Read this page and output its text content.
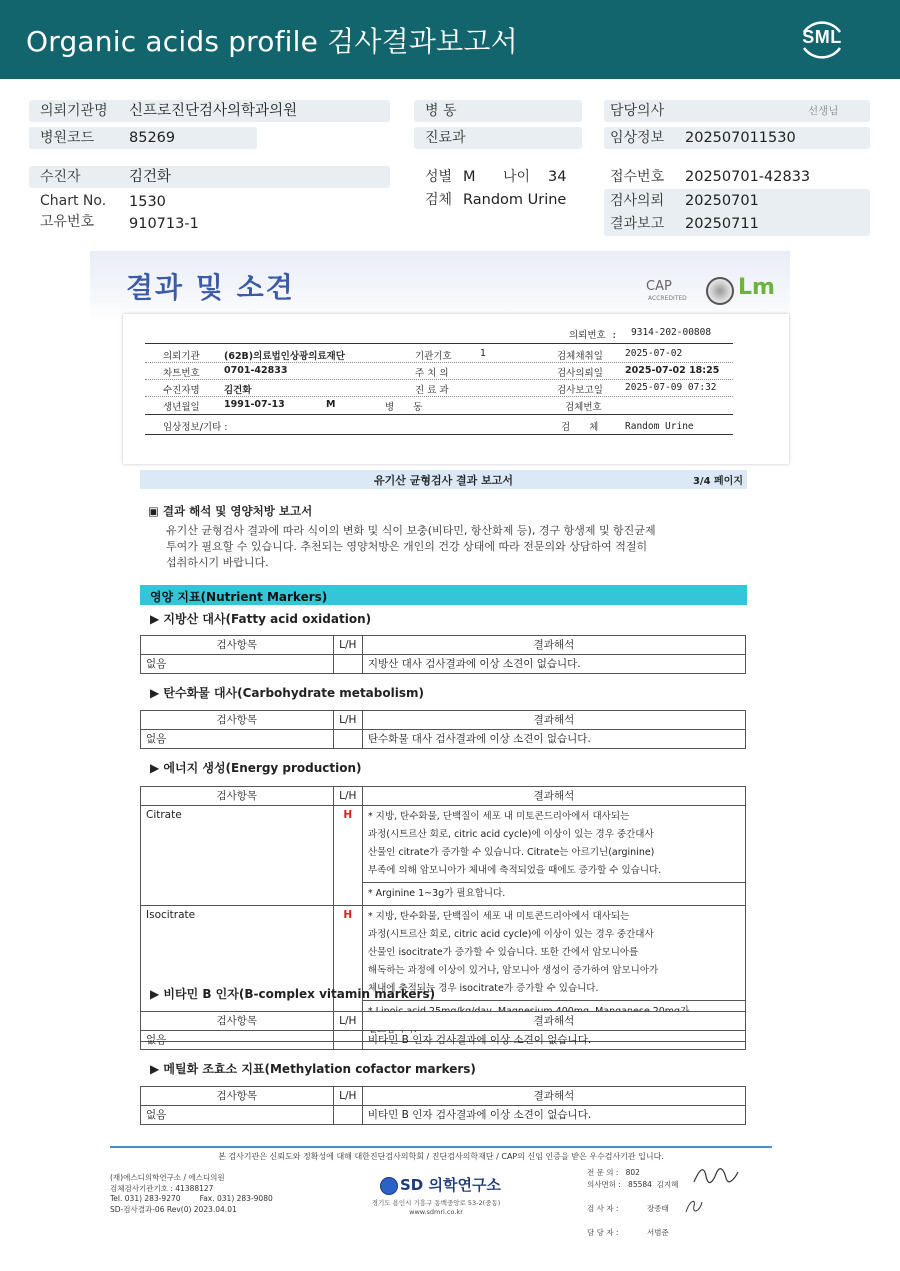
Organic acids profile 검사결과보고서	SML
의뢰기관명 신프로진단검사의학과의원
병원코드 85269
수진자	김건화
Chart No. 1530
고유번호 910713-1
병 동
진료과
성별 M 나이 34
검체 Random Urine
담당의사	선생님
임상정보 202507011530
접수번호 20250701-42833
검사의뢰 20250701
결과보고 20250711
결과 및 소견	CAP
ACCREDITED Lm
의뢰번호 : 9314-202-00808
의뢰기관	(62B)의료법인상광의료재단	기관기호	1	검체채취일 2025-07-02
차트번호	0701-42833	주 치 의	검사의뢰일 2025-07-02 18:25
수진자명	김건화	진 료 과	검사보고일 2025-07-09 07:32
생년월일	1991-07-13	M	병　　동	검체번호
임상정보/기타 :	검　　체	Random Urine
유기산 균형검사 결과 보고서	3/4 페이지
▣ 결과 해석 및 영양처방 보고서
유기산 균형검사 결과에 따라 식이의 변화 및 식이 보충(비타민, 항산화제 등), 경구 항생제 및 항진균제
투여가 필요할 수 있습니다. 추천되는 영양처방은 개인의 건강 상태에 따라 전문의와 상담하여 적절히
섭취하시기 바랍니다.
영양 지표(Nutrient Markers)
▶ 지방산 대사(Fatty acid oxidation)
검사항목	L/H	결과해석
없음		지방산 대사 검사결과에 이상 소견이 없습니다.
▶ 탄수화물 대사(Carbohydrate metabolism)
검사항목	L/H	결과해석
없음		탄수화물 대사 검사결과에 이상 소견이 없습니다.
▶ 에너지 생성(Energy production)
검사항목	L/H	결과해석
Citrate	H	* 지방, 탄수화물, 단백질이 세포 내 미토콘드리아에서 대사되는
과정(시트르산 회로, citric acid cycle)에 이상이 있는 경우 중간대사
산물인 citrate가 증가할 수 있습니다. Citrate는 아르기닌(arginine)
부족에 의해 암모니아가 체내에 축적되었을 때에도 증가할 수 있습니다.
		* Arginine 1~3g가 필요합니다.
Isocitrate	H	* 지방, 탄수화물, 단백질이 세포 내 미토콘드리아에서 대사되는
과정(시트르산 회로, citric acid cycle)에 이상이 있는 경우 중간대사
산물인 isocitrate가 증가할 수 있습니다. 또한 간에서 암모니아를
해독하는 과정에 이상이 있거나, 암모니아 생성이 증가하여 암모니아가
체내에 축적되는 경우 isocitrate가 증가할 수 있습니다.

▶ 비타민 B 인자(B-complex vitamin markers)
검사항목	L/H	결과해석
없음		비타민 B 인자 검사결과에 이상 소견이 없습니다.
▶ 메틸화 조효소 지표(Methylation cofactor markers)
검사항목	L/H	결과해석
없음		비타민 B 인자 검사결과에 이상 소견이 없습니다.
본 검사기관은 신뢰도와 정확성에 대해 대한진단검사의학회 / 진단검사의학재단 / CAP의 신임 인증을 받은 우수검사기관 입니다.
(재)에스디의학연구소 / 에스디의원
검체검사기관기호 : 41388127
Tel. 031) 283-9270        Fax. 031) 283-9080
SD-검사결과-06 Rev(0) 2023.04.01
SD 의학연구소
경기도 용인시 기흥구 동백중앙로 53-2(중동)
www.sdmri.co.kr
전 문 의 :   802
의사면허 :   85584  김지혜

검 사 자 :            장종태

담 당 자 :            서범준
